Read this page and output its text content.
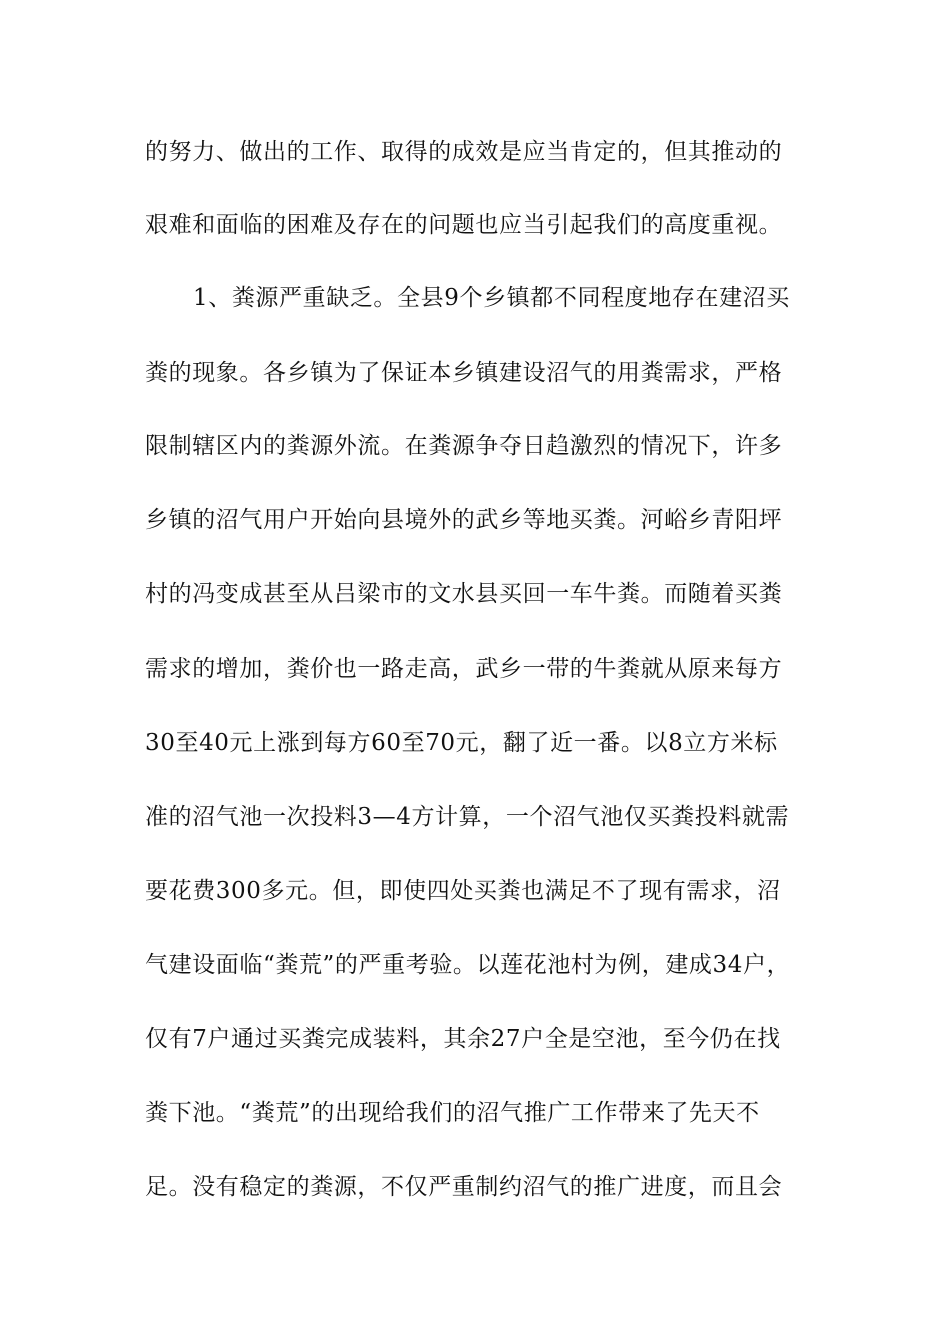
的努力、做出的工作、取得的成效是应当肯定的，但其推动的
艰难和面临的困难及存在的问题也应当引起我们的高度重视。
1、粪源严重缺乏。全县9个乡镇都不同程度地存在建沼买
粪的现象。各乡镇为了保证本乡镇建设沼气的用粪需求，严格
限制辖区内的粪源外流。在粪源争夺日趋激烈的情况下，许多
乡镇的沼气用户开始向县境外的武乡等地买粪。河峪乡青阳坪
村的冯变成甚至从吕梁市的文水县买回一车牛粪。而随着买粪
需求的增加，粪价也一路走高，武乡一带的牛粪就从原来每方
30至40元上涨到每方60至70元，翻了近一番。以8立方米标
准的沼气池一次投料3—4方计算，一个沼气池仅买粪投料就需
要花费300多元。但，即使四处买粪也满足不了现有需求，沼
气建设面临“粪荒”的严重考验。以莲花池村为例，建成34户，
仅有7户通过买粪完成装料，其余27户全是空池，至今仍在找
粪下池。“粪荒”的出现给我们的沼气推广工作带来了先天不
足。没有稳定的粪源，不仅严重制约沼气的推广进度，而且会
